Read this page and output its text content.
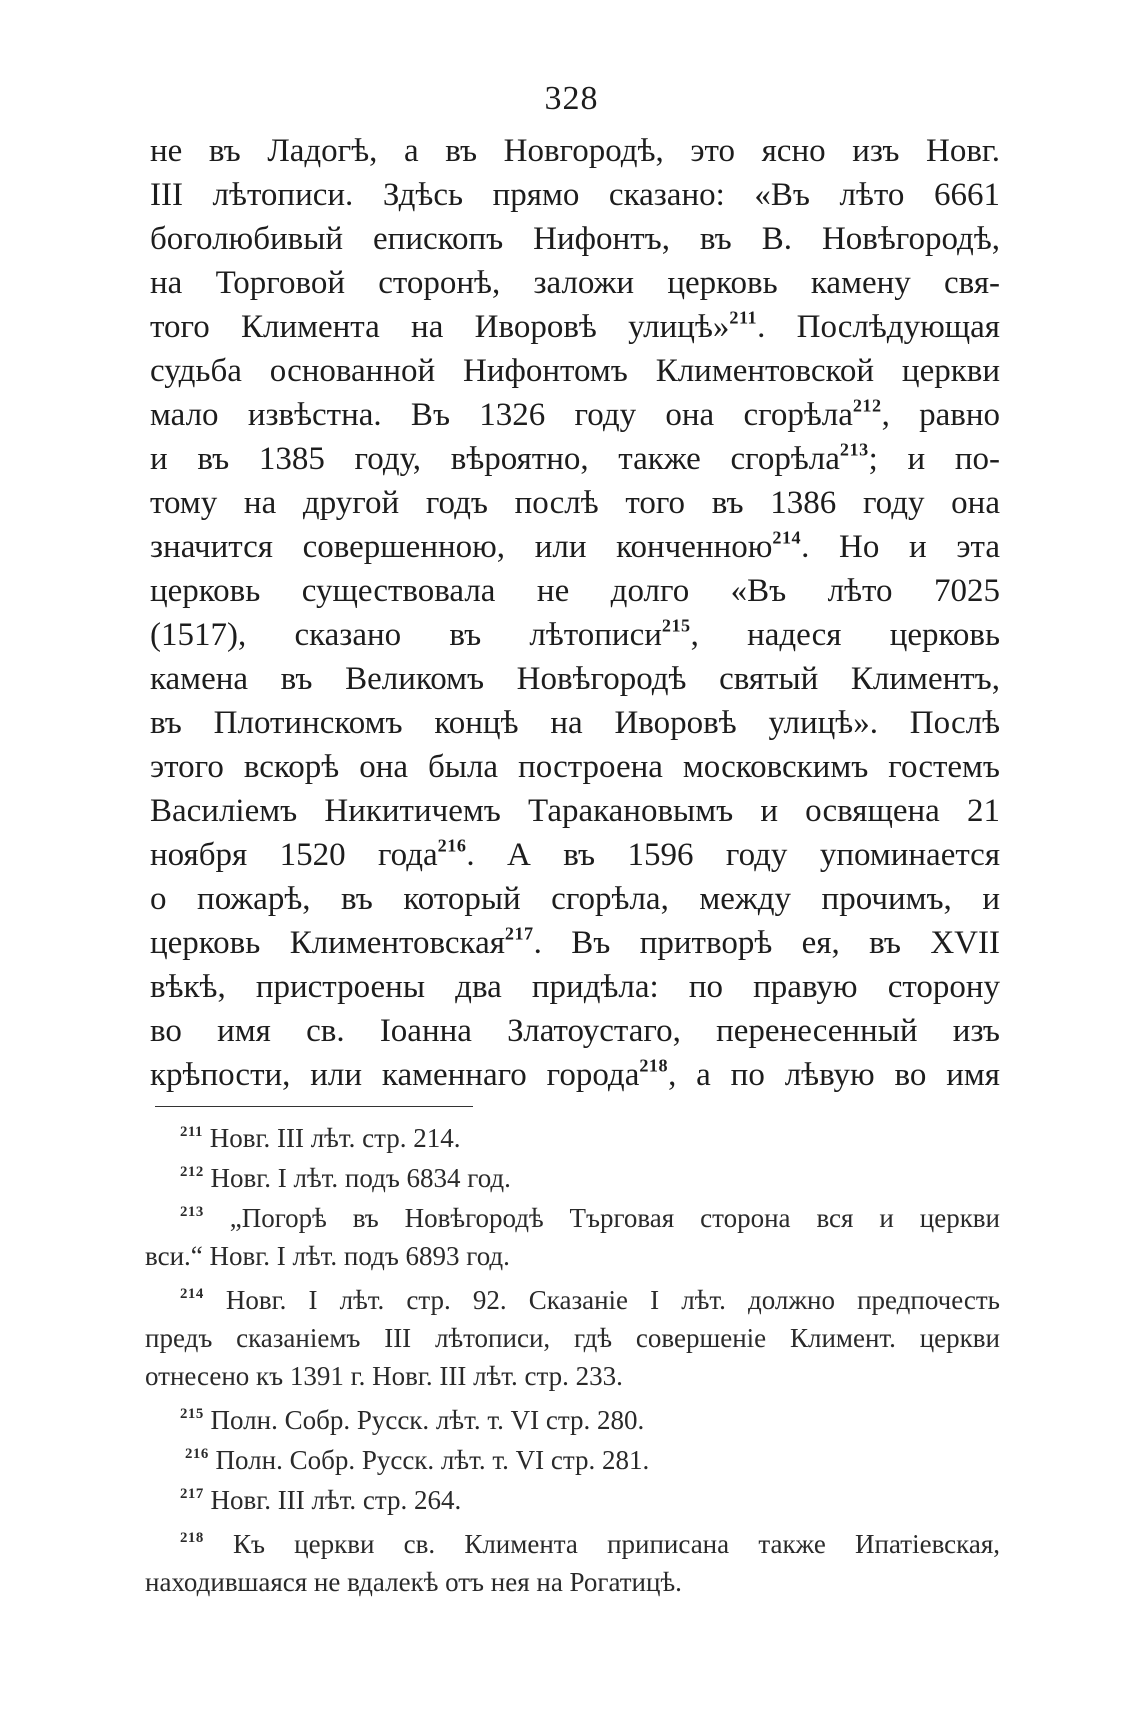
328
не въ Ладогѣ, а въ Новгородѣ, это ясно изъ Новг.
III лѣтописи. Здѣсь прямо сказано: «Въ лѣто 6661
боголюбивый епископъ Нифонтъ, въ В. Новѣгородѣ,
на Торговой сторонѣ, заложи церковь камену свя-
того Климента на Иворовѣ улицѣ»$^{211}$. Послѣдующая
судьба основанной Нифонтомъ Климентовской церкви
мало извѣстна. Въ 1326 году она сгорѣла$^{212}$, равно
и въ 1385 году, вѣроятно, также сгорѣла$^{213}$; и по-
тому на другой годъ послѣ того въ 1386 году она
значится совершенною, или конченною$^{214}$. Но и эта
церковь существовала не долго «Въ лѣто 7025
(1517), сказано въ лѣтописи$^{215}$, надеся церковь
камена въ Великомъ Новѣгородѣ святый Климентъ,
въ Плотинскомъ концѣ на Иворовѣ улицѣ». Послѣ
этого вскорѣ она была построена московскимъ гостемъ
Василіемъ Никитичемъ Таракановымъ и освящена 21
ноября 1520 года$^{216}$. А въ 1596 году упоминается
о пожарѣ, въ который сгорѣла, между прочимъ, и
церковь Климентовская$^{217}$. Въ притворѣ ея, въ XVII
вѣкѣ, пристроены два придѣла: по правую сторону
во имя св. Іоанна Златоустаго, перенесенный изъ
$^{211}$ Новг. III лѣт. стр. 214.
$^{212}$ Новг. I лѣт. подъ 6834 год.
$^{213}$ „Погорѣ въ Новѣгородѣ Търговая сторона вся и церкви
вси.“ Новг. I лѣт. подъ 6893 год.
$^{214}$ Новг. I лѣт. стр. 92. Сказаніе I лѣт. должно предпочесть
предъ сказаніемъ III лѣтописи, гдѣ совершеніе Климент. церкви
отнесено къ 1391 г. Новг. III лѣт. стр. 233.
$^{215}$ Полн. Собр. Русск. лѣт. т. VI стр. 280.
$^{216}$ Полн. Собр. Русск. лѣт. т. VI стр. 281.
$^{217}$ Новг. III лѣт. стр. 264.
$^{218}$ Къ церкви св. Климента приписана также Ипатіевская,
находившаяся не вдалекѣ отъ нея на Рогатицѣ.
крѣпости, или каменнаго города$^{218}$, а по лѣвую во имя
